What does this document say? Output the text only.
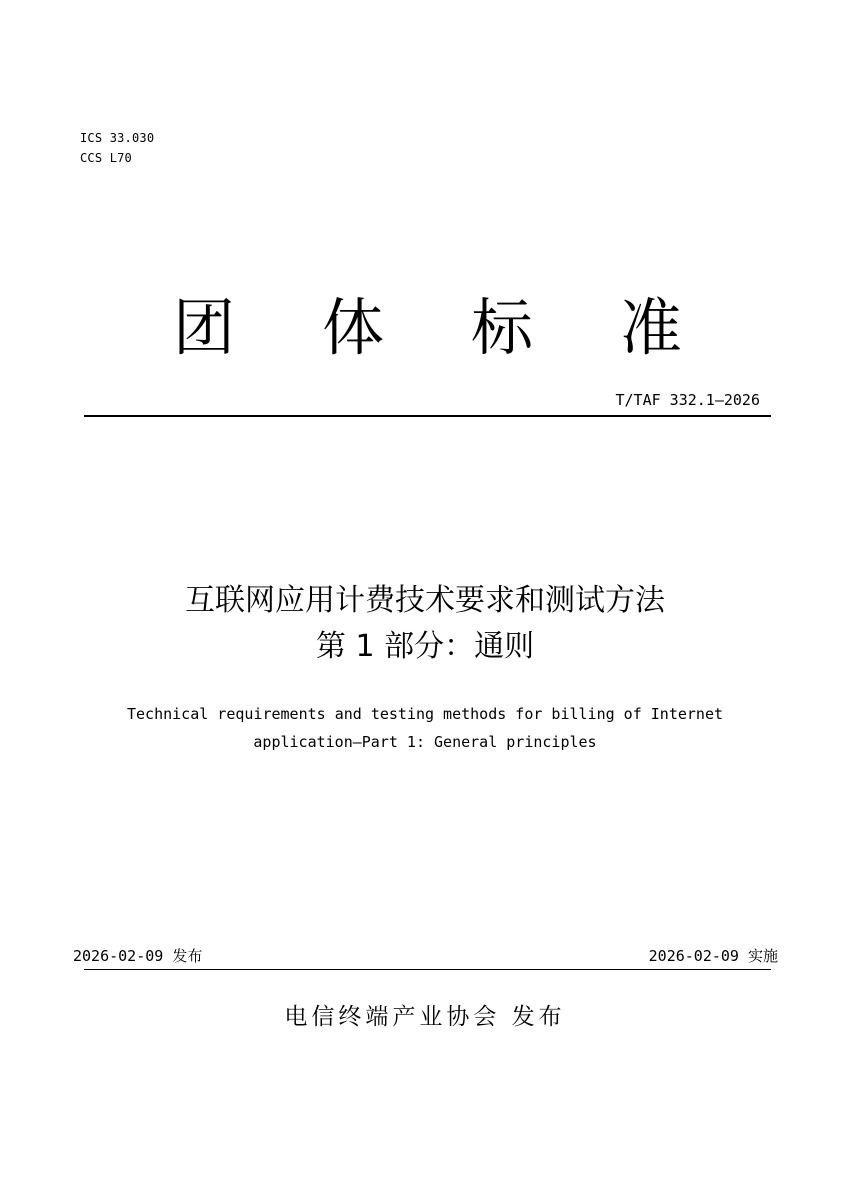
ICS 33.030
CCS L70
团 体 标 准
T/TAF 332.1—2026
互联网应用计费技术要求和测试方法
第 1 部分：通则
Technical requirements and testing methods for billing of Internet
application—Part 1: General principles
2026-02-09 发布	2026-02-09 实施
电信终端产业协会 发布
